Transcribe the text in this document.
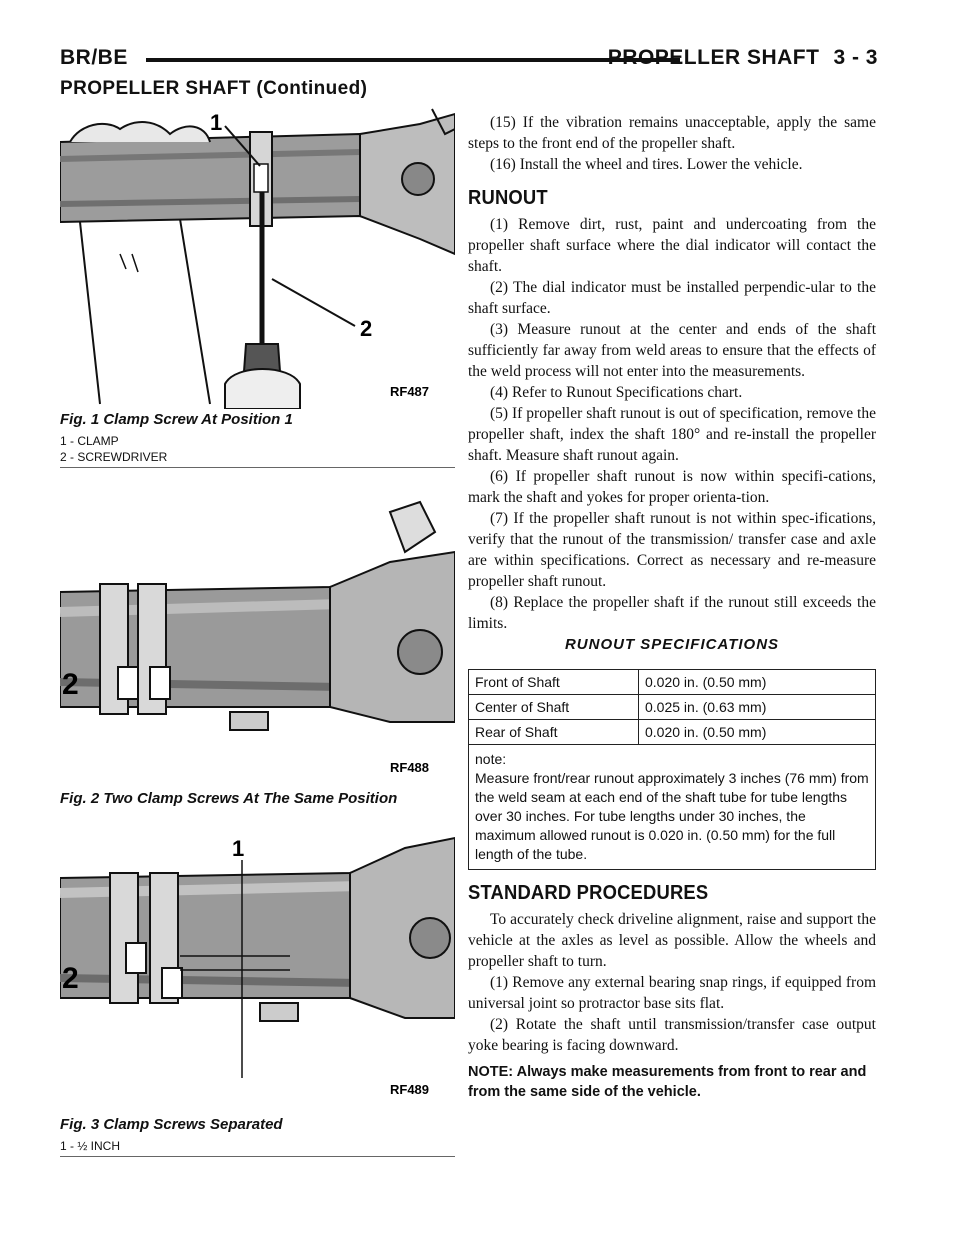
BR/BE	PROPELLER SHAFT 3 - 3
PROPELLER SHAFT (Continued)
1
2
RF487
Fig. 1 Clamp Screw At Position 1
1 - CLAMP
2 - SCREWDRIVER
2
RF488
Fig. 2 Two Clamp Screws At The Same Position
1
2
RF489
Fig. 3 Clamp Screws Separated
1 - ½ INCH

(15) If the vibration remains unacceptable, apply the same steps to the front end of the propeller shaft.

(16) Install the wheel and tires. Lower the vehicle.

RUNOUT

(1) Remove dirt, rust, paint and undercoating from the propeller shaft surface where the dial indicator will contact the shaft.

(2) The dial indicator must be installed perpendic-ular to the shaft surface.

(3) Measure runout at the center and ends of the shaft sufficiently far away from weld areas to ensure that the effects of the weld process will not enter into the measurements.

(4) Refer to Runout Specifications chart.

(5) If propeller shaft runout is out of specification, remove the propeller shaft, index the shaft 180° and re-install the propeller shaft. Measure shaft runout again.

(6) If propeller shaft runout is now within specifi-cations, mark the shaft and yokes for proper orienta-tion.

(7) If the propeller shaft runout is not within spec-ifications, verify that the runout of the transmission/ transfer case and axle are within specifications. Correct as necessary and re-measure propeller shaft runout.

(8) Replace the propeller shaft if the runout still exceeds the limits.

RUNOUT SPECIFICATIONS
Front of Shaft	0.020 in. (0.50 mm)
Center of Shaft	0.025 in. (0.63 mm)
Rear of Shaft	0.020 in. (0.50 mm)

note:
Measure front/rear runout approximately 3 inches (76 mm) from the weld seam at each end of the shaft tube for tube lengths over 30 inches. For tube lengths under 30 inches, the maximum allowed runout is 0.020 in. (0.50 mm) for the full length of the tube.	
STANDARD PROCEDURES

To accurately check driveline alignment, raise and support the vehicle at the axles as level as possible. Allow the wheels and propeller shaft to turn.

(1) Remove any external bearing snap rings, if equipped from universal joint so protractor base sits flat.

(2) Rotate the shaft until transmission/transfer case output yoke bearing is facing downward.

NOTE: Always make measurements from front to rear and from the same side of the vehicle.
